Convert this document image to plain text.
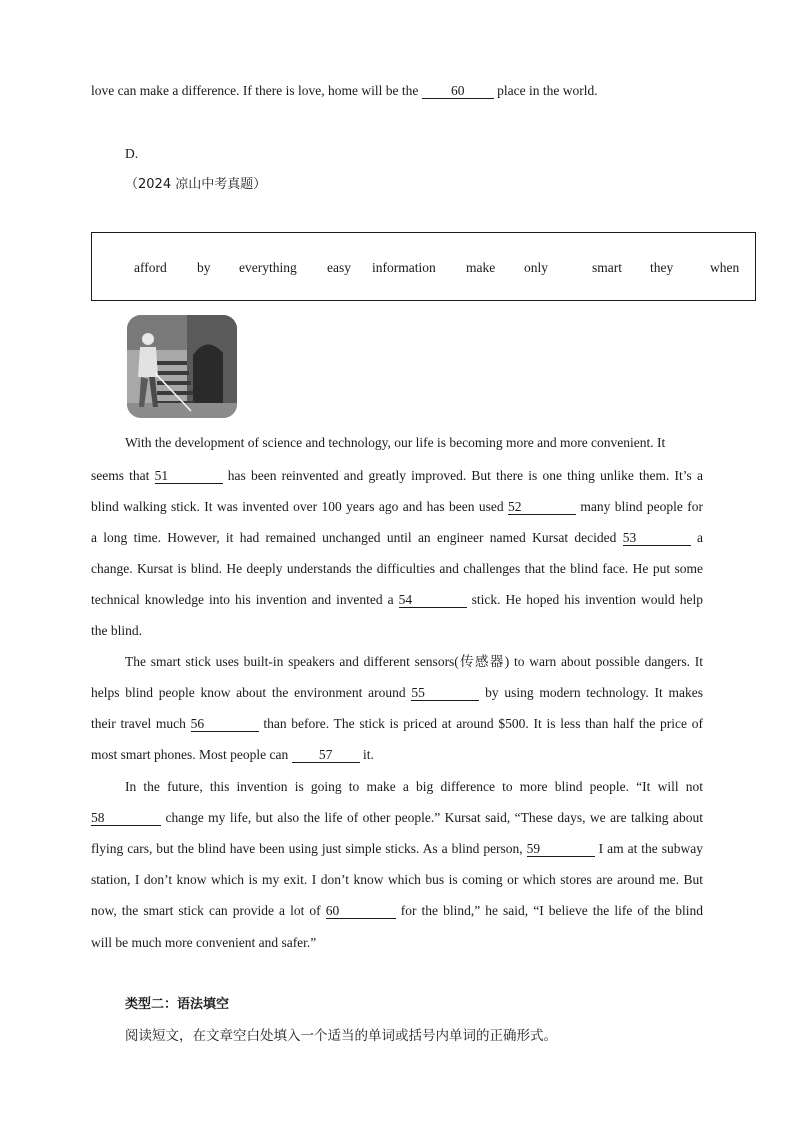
love can make a difference. If there is love, home will be the 60 place in the world.
D.
（2024 凉山中考真题）
afford by everything easy information make only	smart they	when
With the development of science and technology, our life is becoming more and more convenient. It
seems that 51	has been reinvented and greatly improved. But there is one thing unlike them. It’s a
blind walking stick. It was invented over 100 years ago and has been used 52	many blind people for
a long time. However, it had remained unchanged until an engineer named Kursat decided 53	a
change. Kursat is blind. He deeply understands the difficulties and challenges that the blind face. He put some
technical knowledge into his invention and invented a 54	stick. He hoped his invention would help
the blind.
The smart stick uses built-in speakers and different sensors(传感器) to warn about possible dangers. It
helps blind people know about the environment around 55	by using modern technology. It makes
their travel much 56	than before. The stick is priced at around $500. It is less than half the price of
most smart phones. Most people can 57 it.
In the future, this invention is going to make a big difference to more blind people. “It will not
58	change my life, but also the life of other people.” Kursat said, “These days, we are talking about
flying cars, but the blind have been using just simple sticks. As a blind person, 59	I am at the subway
station, I don’t know which is my exit. I don’t know which bus is coming or which stores are around me. But
now, the smart stick can provide a lot of 60	for the blind,” he said, “I believe the life of the blind
will be much more convenient and safer.”
类型二：语法填空
阅读短文，在文章空白处填入一个适当的单词或括号内单词的正确形式。
